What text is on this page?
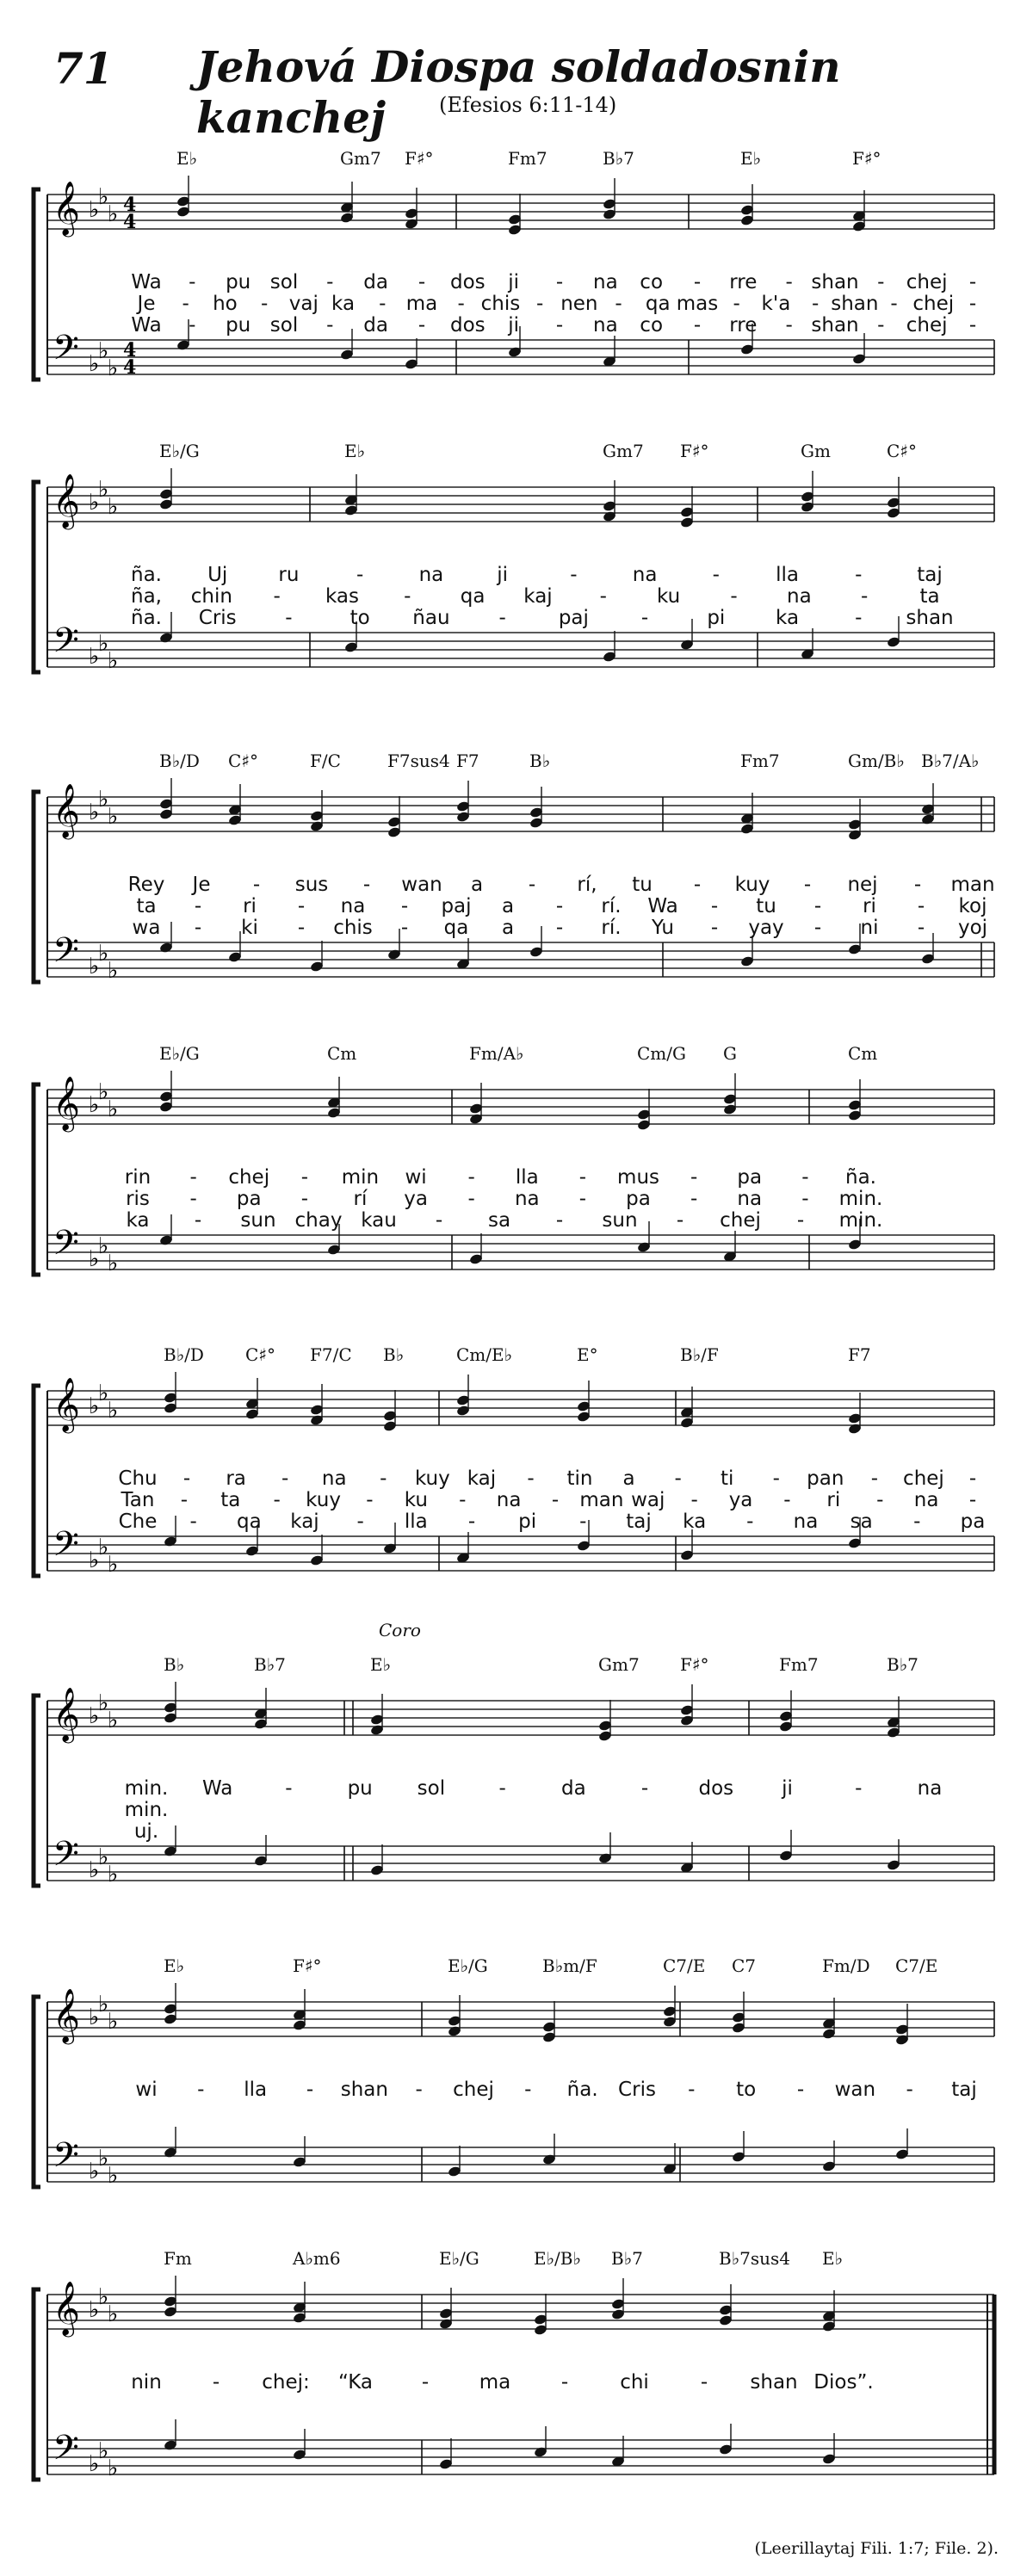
71 Jehová Diospa soldadosnin kanchej	(Efesios 6:11-14)
𝄞
𝄢
♭
♭
♭
♭
♭
♭
4
4
4
4
E♭	Gm7 F♯°	Fm7	B♭7	E♭	F♯°
Wa - pu sol - da - dos ji - na co - rre - shan - chej -
Je - ho - vaj ka - ma - chis - nen - qa mas - k'a - shan - chej -
Wa - pu sol - da - dos ji - na co - rre - shan - chej -
𝄞
𝄢
♭
♭
♭
♭
♭
♭
E♭/G	E♭	Gm7 F♯°	Gm	C♯°
ña. Uj	ru	-	na	ji	-	na	-	lla	-	taj
ña, chin - kas - qa kaj -	ku	- na -	ta
ña. Cris -	to ñau -	paj	-	pi	ka	- shan
𝄞
𝄢
♭
♭
♭
♭
♭
♭
B♭/D C♯°	F/C	F7sus4 F7	B♭	Fm7	Gm/B♭ B♭7/A♭
Rey Je - sus - wan a - rí, tu - kuy - nej - man
ta - ri - na - paj a - rí. Wa - tu - ri - koj
wa - ki - chis - qa a - rí. Yu - yay - ni - yoj
𝄞
𝄢
♭
♭
♭
♭
♭
♭
E♭/G	Cm	Fm/A♭	Cm/G G	Cm
rin - chej - min wi - lla - mus - pa - ña.
ris - pa - rí ya - na - pa - na - min.
ka - sun chay kau - sa - sun - chej - min.
𝄞
𝄢
♭
♭
♭
♭
♭
♭
B♭/D C♯° F7/C B♭	Cm/E♭	E°	B♭/F	F7
Chu - ra - na - kuy kaj - tin a - ti - pan - chej -
Tan - ta - kuy - ku - na - man waj - ya - ri - na -
Che - qa kaj - lla - pi - taj ka - na sa - pa
𝄞
𝄢
♭
♭
♭
♭
♭
♭
B♭	B♭7	E♭	Gm7 F♯°	Fm7	B♭7
Coro
min. Wa	-	pu sol	-	da	-	dos ji	-	na
min.
uj.
𝄞
𝄢
♭
♭
♭
♭
♭
♭
E♭	F♯°	E♭/G	B♭m/F	C7/E C7	Fm/D C7/E
wi - lla - shan - chej - ña. Cris - to - wan - taj
𝄞
𝄢
♭
♭
♭
♭
♭
♭
Fm	A♭m6	E♭/G	E♭/B♭ B♭7	B♭7sus4 E♭
nin	- chej: “Ka -	ma	-	chi	- shan Dios”.
(Leerillaytaj Fili. 1:7; File. 2).
